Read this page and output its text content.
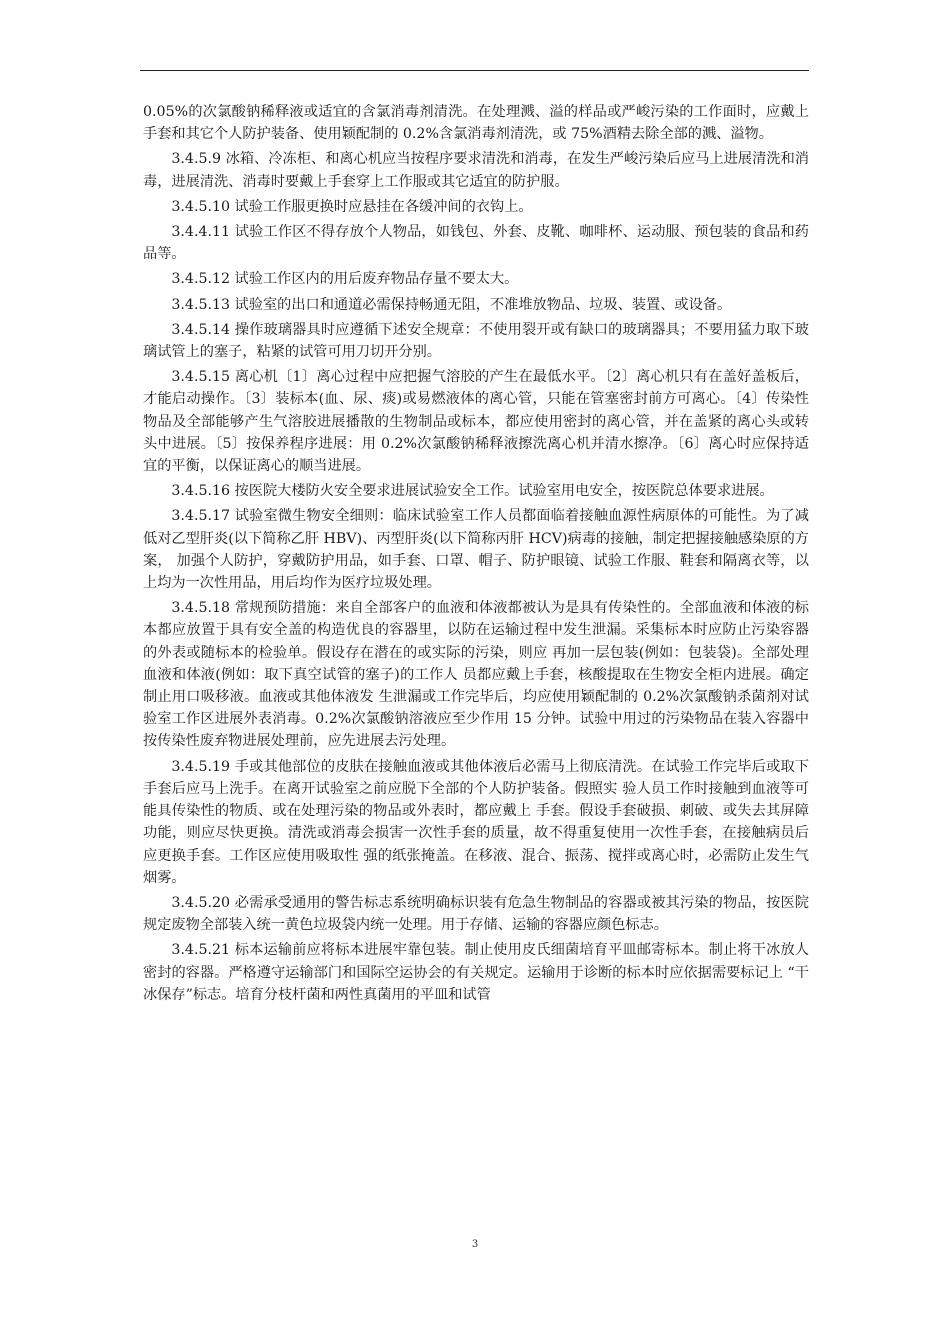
0.05%的次氯酸钠稀释液或适宜的含氯消毒剂清洗。在处理溅、溢的样品或严峻污染的工作面时，应戴上手套和其它个人防护装备、使用颖配制的 0.2%含氯消毒剂清洗，或 75%酒精去除全部的溅、溢物。

3.4.5.9 冰箱、冷冻柜、和离心机应当按程序要求清洗和消毒，在发生严峻污染后应马上进展清洗和消毒，进展清洗、消毒时要戴上手套穿上工作服或其它适宜的防护服。

3.4.5.10 试验工作服更换时应悬挂在各缓冲间的衣钩上。

3.4.4.11 试验工作区不得存放个人物品，如钱包、外套、皮靴、咖啡杯、运动服、预包装的食品和药品等。

3.4.5.12 试验工作区内的用后废弃物品存量不要太大。

3.4.5.13 试验室的出口和通道必需保持畅通无阻，不准堆放物品、垃圾、装置、或设备。

3.4.5.14 操作玻璃器具时应遵循下述安全规章：不使用裂开或有缺口的玻璃器具；不要用猛力取下玻璃试管上的塞子，粘紧的试管可用刀切开分别。

3.4.5.15 离心机〔1〕离心过程中应把握气溶胶的产生在最低水平。〔2〕离心机只有在盖好盖板后，才能启动操作。〔3〕装标本(血、尿、痰)或易燃液体的离心管，只能在管塞密封前方可离心。〔4〕传染性物品及全部能够产生气溶胶进展播散的生物制品或标本，都应使用密封的离心管，并在盖紧的离心头或转头中进展。〔5〕按保养程序进展：用 0.2%次氯酸钠稀释液擦洗离心机并清水擦净。〔6〕离心时应保持适宜的平衡，以保证离心的顺当进展。

3.4.5.16 按医院大楼防火安全要求进展试验安全工作。试验室用电安全，按医院总体要求进展。

3.4.5.17 试验室微生物安全细则：临床试验室工作人员都面临着接触血源性病原体的可能性。为了减低对乙型肝炎(以下简称乙肝 HBV)、丙型肝炎(以下简称丙肝 HCV)病毒的接触，制定把握接触感染原的方案， 加强个人防护，穿戴防护用品，如手套、口罩、帽子、防护眼镜、试验工作服、鞋套和隔离衣等，以上均为一次性用品，用后均作为医疗垃圾处理。

3.4.5.18 常规预防措施：来自全部客户的血液和体液都被认为是具有传染性的。全部血液和体液的标本都应放置于具有安全盖的构造优良的容器里，以防在运输过程中发生泄漏。采集标本时应防止污染容器的外表或随标本的检验单。假设存在潜在的或实际的污染，则应 再加一层包装(例如：包装袋)。全部处理血液和体液(例如：取下真空试管的塞子)的工作人 员都应戴上手套，核酸提取在生物安全柜内进展。确定制止用口吸移液。血液或其他体液发 生泄漏或工作完毕后，均应使用颖配制的 0.2%次氯酸钠杀菌剂对试验室工作区进展外表消毒。0.2%次氯酸钠溶液应至少作用 15 分钟。试验中用过的污染物品在装入容器中按传染性废弃物进展处理前，应先进展去污处理。

3.4.5.19 手或其他部位的皮肤在接触血液或其他体液后必需马上彻底清洗。在试验工作完毕后或取下手套后应马上洗手。在离开试验室之前应脱下全部的个人防护装备。假照实 验人员工作时接触到血液等可能具传染性的物质、或在处理污染的物品或外表时，都应戴上 手套。假设手套破损、刺破、或失去其屏障功能，则应尽快更换。清洗或消毒会损害一次性手套的质量，故不得重复使用一次性手套，在接触病员后应更换手套。工作区应使用吸取性 强的纸张掩盖。在移液、混合、振荡、搅拌或离心时，必需防止发生气烟雾。

3.4.5.20 必需承受通用的警告标志系统明确标识装有危急生物制品的容器或被其污染的物品，按医院规定废物全部装入统一黄色垃圾袋内统一处理。用于存储、运输的容器应颜色标志。

3.4.5.21 标本运输前应将标本进展牢靠包装。制止使用皮氏细菌培育平皿邮寄标本。制止将干冰放人密封的容器。严格遵守运输部门和国际空运协会的有关规定。运输用于诊断的标本时应依据需要标记上 “干冰保存”标志。培育分枝杆菌和两性真菌用的平皿和试管

3
